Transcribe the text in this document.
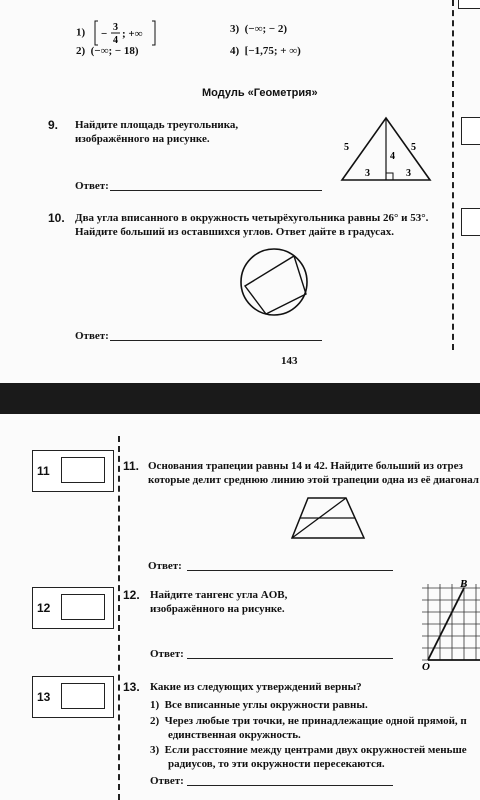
1) −
3
4
; +∞	3) (−∞; − 2)
2) (−∞; − 18)	4) [−1,75; + ∞)
Модуль «Геометрия»
9. Найдите площадь треугольника,
изображённого на рисунке.
5	5
4
3	3
Ответ:
10. Два угла вписанного в окружность четырёхугольника равны 26° и 53°.
Найдите больший из оставшихся углов. Ответ дайте в градусах.
Ответ:
143
11	11. Основания трапеции равны 14 и 42. Найдите больший из отрез
которые делит среднюю линию этой трапеции одна из её диагонал
Ответ:
12
12. Найдите тангенс угла AOB,
изображённого на рисунке.
B
O
Ответ:
13
13. Какие из следующих утверждений верны?
1) Все вписанные углы окружности равны.
2) Через любые три точки, не принадлежащие одной прямой, п
единственная окружность.
3) Если расстояние между центрами двух окружностей меньше
радиусов, то эти окружности пересекаются.
Ответ:
